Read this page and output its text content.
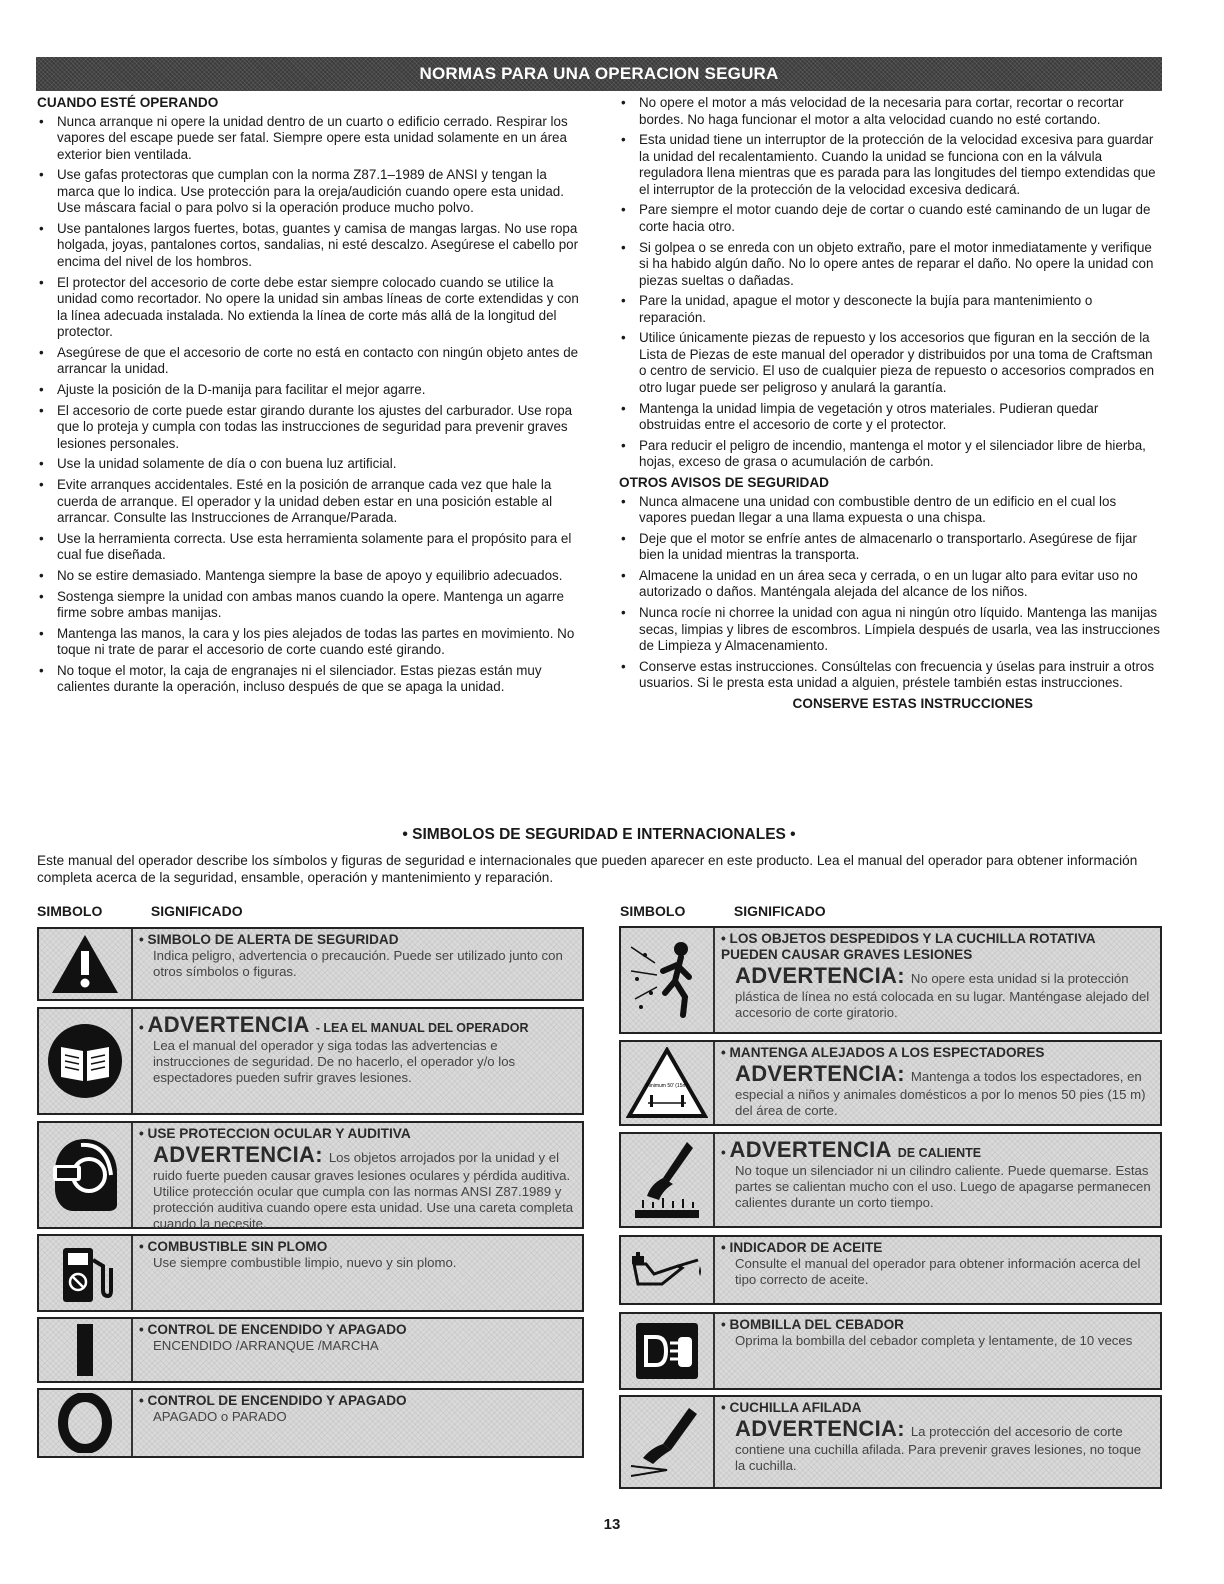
NORMAS PARA UNA OPERACION SEGURA
CUANDO ESTÉ OPERANDO
• Nunca arranque ni opere la unidad dentro de un cuarto o edificio cerrado. Respirar los vapores del escape puede ser fatal. Siempre opere esta unidad solamente en un área exterior bien ventilada.
• Use gafas protectoras que cumplan con la norma Z87.1–1989 de ANSI y tengan la marca que lo indica. Use protección para la oreja/audición cuando opere esta unidad. Use máscara facial o para polvo si la operación produce mucho polvo.
• Use pantalones largos fuertes, botas, guantes y camisa de mangas largas. No use ropa holgada, joyas, pantalones cortos, sandalias, ni esté descalzo. Asegúrese el cabello por encima del nivel de los hombros.
• El protector del accesorio de corte debe estar siempre colocado cuando se utilice la unidad como recortador. No opere la unidad sin ambas líneas de corte extendidas y con la línea adecuada instalada. No extienda la línea de corte más allá de la longitud del protector.
• Asegúrese de que el accesorio de corte no está en contacto con ningún objeto antes de arrancar la unidad.
• Ajuste la posición de la D-manija para facilitar el mejor agarre.
• El accesorio de corte puede estar girando durante los ajustes del carburador. Use ropa que lo proteja y cumpla con todas las instrucciones de seguridad para prevenir graves lesiones personales.
• Use la unidad solamente de día o con buena luz artificial.
• Evite arranques accidentales. Esté en la posición de arranque cada vez que hale la cuerda de arranque. El operador y la unidad deben estar en una posición estable al arrancar. Consulte las Instrucciones de Arranque/Parada.
• Use la herramienta correcta. Use esta herramienta solamente para el propósito para el cual fue diseñada.
• No se estire demasiado. Mantenga siempre la base de apoyo y equilibrio adecuados.
• Sostenga siempre la unidad con ambas manos cuando la opere. Mantenga un agarre firme sobre ambas manijas.
• Mantenga las manos, la cara y los pies alejados de todas las partes en movimiento. No toque ni trate de parar el accesorio de corte cuando esté girando.
• No toque el motor, la caja de engranajes ni el silenciador. Estas piezas están muy calientes durante la operación, incluso después de que se apaga la unidad.
• No opere el motor a más velocidad de la necesaria para cortar, recortar o recortar bordes. No haga funcionar el motor a alta velocidad cuando no esté cortando.
• Esta unidad tiene un interruptor de la protección de la velocidad excesiva para guardar la unidad del recalentamiento. Cuando la unidad se funciona con en la válvula reguladora llena mientras que es parada para las longitudes del tiempo extendidas que el interruptor de la protección de la velocidad excesiva dedicará.
• Pare siempre el motor cuando deje de cortar o cuando esté caminando de un lugar de corte hacia otro.
• Si golpea o se enreda con un objeto extraño, pare el motor inmediatamente y verifique si ha habido algún daño. No lo opere antes de reparar el daño. No opere la unidad con piezas sueltas o dañadas.
• Pare la unidad, apague el motor y desconecte la bujía para mantenimiento o reparación.
• Utilice únicamente piezas de repuesto y los accesorios que figuran en la sección de la Lista de Piezas de este manual del operador y distribuidos por una toma de Craftsman o centro de servicio. El uso de cualquier pieza de repuesto o accesorios comprados en otro lugar puede ser peligroso y anulará la garantía.
• Mantenga la unidad limpia de vegetación y otros materiales. Pudieran quedar obstruidas entre el accesorio de corte y el protector.
• Para reducir el peligro de incendio, mantenga el motor y el silenciador libre de hierba, hojas, exceso de grasa o acumulación de carbón.
OTROS AVISOS DE SEGURIDAD
• Nunca almacene una unidad con combustible dentro de un edificio en el cual los vapores puedan llegar a una llama expuesta o una chispa.
• Deje que el motor se enfríe antes de almacenarlo o transportarlo. Asegúrese de fijar bien la unidad mientras la transporta.
• Almacene la unidad en un área seca y cerrada, o en un lugar alto para evitar uso no autorizado o daños. Manténgala alejada del alcance de los niños.
• Nunca rocíe ni chorree la unidad con agua ni ningún otro líquido. Mantenga las manijas secas, limpias y libres de escombros. Límpiela después de usarla, vea las instrucciones de Limpieza y Almacenamiento.
• Conserve estas instrucciones. Consúltelas con frecuencia y úselas para instruir a otros usuarios. Si le presta esta unidad a alguien, préstele también estas instrucciones.
CONSERVE ESTAS INSTRUCCIONES
• SIMBOLOS DE SEGURIDAD E INTERNACIONALES •
Este manual del operador describe los símbolos y figuras de seguridad e internacionales que pueden aparecer en este producto. Lea el manual del operador para obtener información completa acerca de la seguridad, ensamble, operación y mantenimiento y reparación.
SIMBOLO	SIGNIFICADO	SIMBOLO	SIGNIFICADO
• SIMBOLO DE ALERTA DE SEGURIDAD
Indica peligro, advertencia o precaución. Puede ser utilizado junto con otros símbolos o figuras.
• ADVERTENCIA - LEA EL MANUAL DEL OPERADOR
Lea el manual del operador y siga todas las advertencias e instrucciones de seguridad. De no hacerlo, el operador y/o los espectadores pueden sufrir graves lesiones.
• USE PROTECCION OCULAR Y AUDITIVA
ADVERTENCIA: Los objetos arrojados por la unidad y el ruido fuerte pueden causar graves lesiones oculares y pérdida auditiva. Utilice protección ocular que cumpla con las normas ANSI Z87.1989 y protección auditiva cuando opere esta unidad. Use una careta completa cuando la necesite.
• COMBUSTIBLE SIN PLOMO
Use siempre combustible limpio, nuevo y sin plomo.
• CONTROL DE ENCENDIDO Y APAGADO
ENCENDIDO /ARRANQUE /MARCHA
• CONTROL DE ENCENDIDO Y APAGADO
APAGADO o PARADO
• LOS OBJETOS DESPEDIDOS Y LA CUCHILLA ROTATIVA PUEDEN CAUSAR GRAVES LESIONES
ADVERTENCIA: No opere esta unidad si la protección plástica de línea no está colocada en su lugar. Manténgase alejado del accesorio de corte giratorio.
Minimum 50' (15m)
• MANTENGA ALEJADOS A LOS ESPECTADORES
ADVERTENCIA: Mantenga a todos los espectadores, en especial a niños y animales domésticos a por lo menos 50 pies (15 m) del área de corte.
• ADVERTENCIA DE CALIENTE
No toque un silenciador ni un cilindro caliente. Puede quemarse. Estas partes se calientan mucho con el uso. Luego de apagarse permanecen calientes durante un corto tiempo.
• INDICADOR DE ACEITE
Consulte el manual del operador para obtener información acerca del tipo correcto de aceite.
• BOMBILLA DEL CEBADOR
Oprima la bombilla del cebador completa y lentamente, de 10 veces
• CUCHILLA AFILADA
ADVERTENCIA: La protección del accesorio de corte contiene una cuchilla afilada. Para prevenir graves lesiones, no toque la cuchilla.
13
